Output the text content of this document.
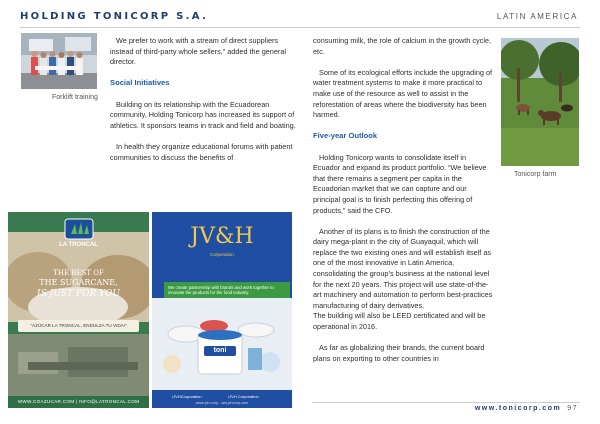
HOLDING TONICORP S.A.	LATIN AMERICA
Forklift training

We prefer to work with a stream of direct suppliers instead of third-party whole sellers,” added the general director.

Social Initiatives

Building on its relationship with the Ecuadorean community, Holding Tonicorp has increased its support of athletics. It sponsors teams in track and field and boating.

In health they organize educational forums with patient communities to discuss the benefits of

consuming milk, the role of calcium in the growth cycle, etc.

Some of its ecological efforts include the upgrading of water treatment systems to make it more practical to make use of the resource as well to assist in the reforestation of areas where the biodiversity has been harmed.

Five-year Outlook

Holding Tonicorp wants to consolidate itself in Ecuador and expand its product portfolio. “We believe that there remains a segment per capita in the Ecuadorian market that we can capture and our principal goal is to finish perfecting this offering of products,” said the CFO.

Another of its plans is to finish the construction of the dairy mega-plant in the city of Guayaquil, which will replace the two existing ones and will establish itself as one of the most innovative in Latin America, consolidating the group’s business at the national level for the next 20 years. This project will use state-of-the-art machinery and automation to perform best-practices manufacturing of dairy derivatives.

The building will also be LEED certificated and will be operational in 2016.

As far as globalizing their brands, the current board plans on exporting to other countries in

Tonicorp farm
LA TRONCAL
THE BEST OF
THE SUGARCANE,
IS JUST FOR YOU
“AZÚCAR LA TRONCAL, ENDULZA TU VIDA!”
WWW.COAZUCAR.COM | INFO@LATRONCAL.COM
JV&H
Corporation
We create partnership with brands and work together to innovate the products for the food industry.
toni
/JVHCorporation	/JVH Corporation
www.jvh-corp...ww.jvhcorp.com
www.tonicorp.com 97
